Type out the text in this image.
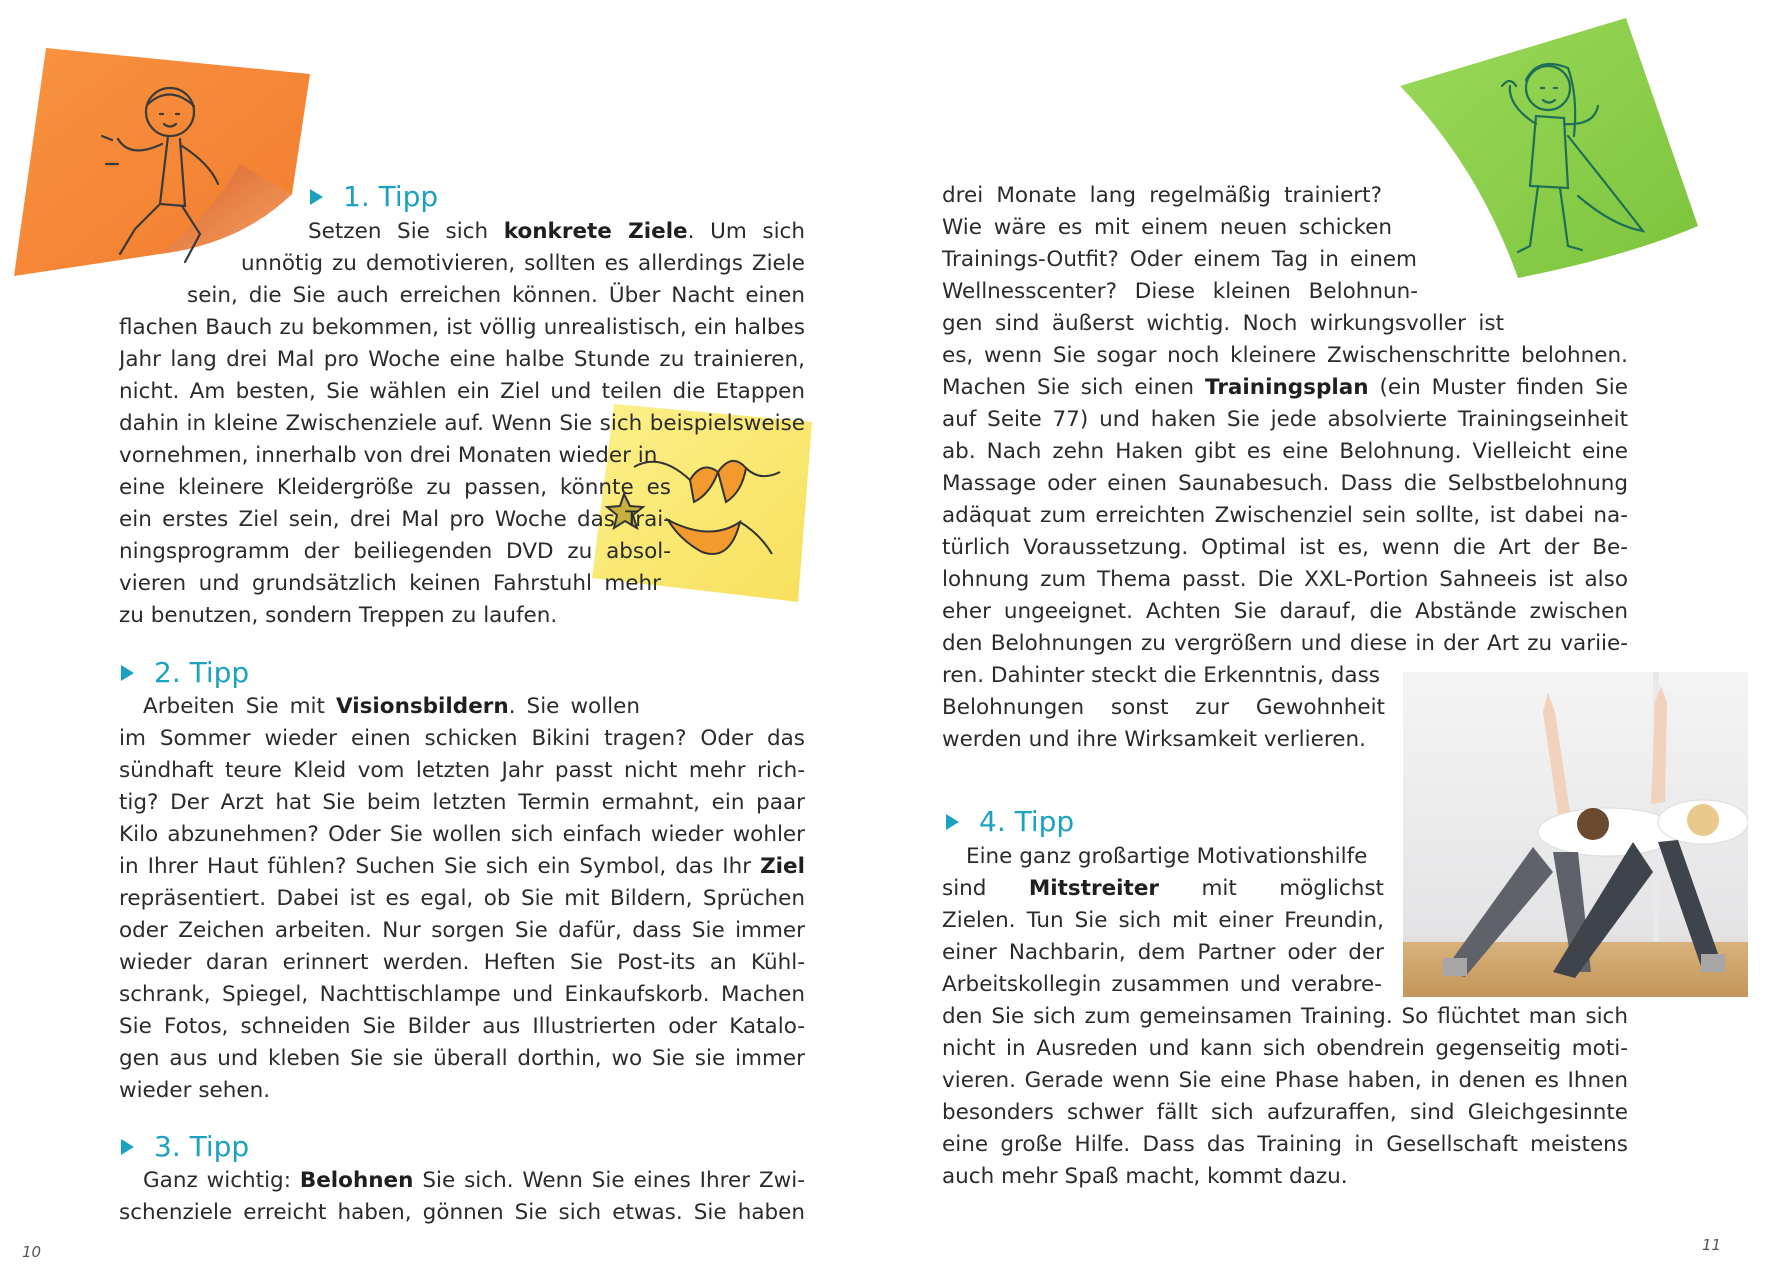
1. Tipp
Setzen Sie sich konkrete Ziele. Um sich
unnötig zu demotivieren, sollten es allerdings Ziele
sein, die Sie auch erreichen können. Über Nacht einen
flachen Bauch zu bekommen, ist völlig unrealistisch, ein halbes
Jahr lang drei Mal pro Woche eine halbe Stunde zu trainieren,
nicht. Am besten, Sie wählen ein Ziel und teilen die Etappen
dahin in kleine Zwischenziele auf. Wenn Sie sich beispielsweise
vornehmen, innerhalb von drei Monaten wieder in
eine kleinere Kleidergröße zu passen, könnte es
ein erstes Ziel sein, drei Mal pro Woche das Trai-
ningsprogramm der beiliegenden DVD zu absol-
vieren und grundsätzlich keinen Fahrstuhl mehr
zu benutzen, sondern Treppen zu laufen.
2. Tipp
Arbeiten Sie mit Visionsbildern. Sie wollen
im Sommer wieder einen schicken Bikini tragen? Oder das
sündhaft teure Kleid vom letzten Jahr passt nicht mehr rich-
tig? Der Arzt hat Sie beim letzten Termin ermahnt, ein paar
Kilo abzunehmen? Oder Sie wollen sich einfach wieder wohler
in Ihrer Haut fühlen? Suchen Sie sich ein Symbol, das Ihr Ziel
repräsentiert. Dabei ist es egal, ob Sie mit Bildern, Sprüchen
oder Zeichen arbeiten. Nur sorgen Sie dafür, dass Sie immer
wieder daran erinnert werden. Heften Sie Post-its an Kühl-
schrank, Spiegel, Nachttischlampe und Einkaufskorb. Machen
Sie Fotos, schneiden Sie Bilder aus Illustrierten oder Katalo-
gen aus und kleben Sie sie überall dorthin, wo Sie sie immer
wieder sehen.
3. Tipp
Ganz wichtig: Belohnen Sie sich. Wenn Sie eines Ihrer Zwi-
schenziele erreicht haben, gönnen Sie sich etwas. Sie haben
10
drei Monate lang regelmäßig trainiert?
Wie wäre es mit einem neuen schicken
Trainings-Outfit? Oder einem Tag in einem
Wellnesscenter? Diese kleinen Belohnun-
gen sind äußerst wichtig. Noch wirkungsvoller ist
es, wenn Sie sogar noch kleinere Zwischenschritte belohnen.
Machen Sie sich einen Trainingsplan (ein Muster finden Sie
auf Seite 77) und haken Sie jede absolvierte Trainingseinheit
ab. Nach zehn Haken gibt es eine Belohnung. Vielleicht eine
Massage oder einen Saunabesuch. Dass die Selbstbelohnung
adäquat zum erreichten Zwischenziel sein sollte, ist dabei na-
türlich Voraussetzung. Optimal ist es, wenn die Art der Be-
lohnung zum Thema passt. Die XXL-Portion Sahneeis ist also
eher ungeeignet. Achten Sie darauf, die Abstände zwischen
den Belohnungen zu vergrößern und diese in der Art zu variie-
ren. Dahinter steckt die Erkenntnis, dass
Belohnungen sonst zur Gewohnheit
werden und ihre Wirksamkeit verlieren.
4. Tipp
Eine ganz großartige Motivationshilfe
sind Mitstreiter mit möglichst
Zielen. Tun Sie sich mit einer Freundin,
einer Nachbarin, dem Partner oder der
Arbeitskollegin zusammen und verabre-
den Sie sich zum gemeinsamen Training. So flüchtet man sich
nicht in Ausreden und kann sich obendrein gegenseitig moti-
vieren. Gerade wenn Sie eine Phase haben, in denen es Ihnen
besonders schwer fällt sich aufzuraffen, sind Gleichgesinnte
eine große Hilfe. Dass das Training in Gesellschaft meistens
auch mehr Spaß macht, kommt dazu.
11
